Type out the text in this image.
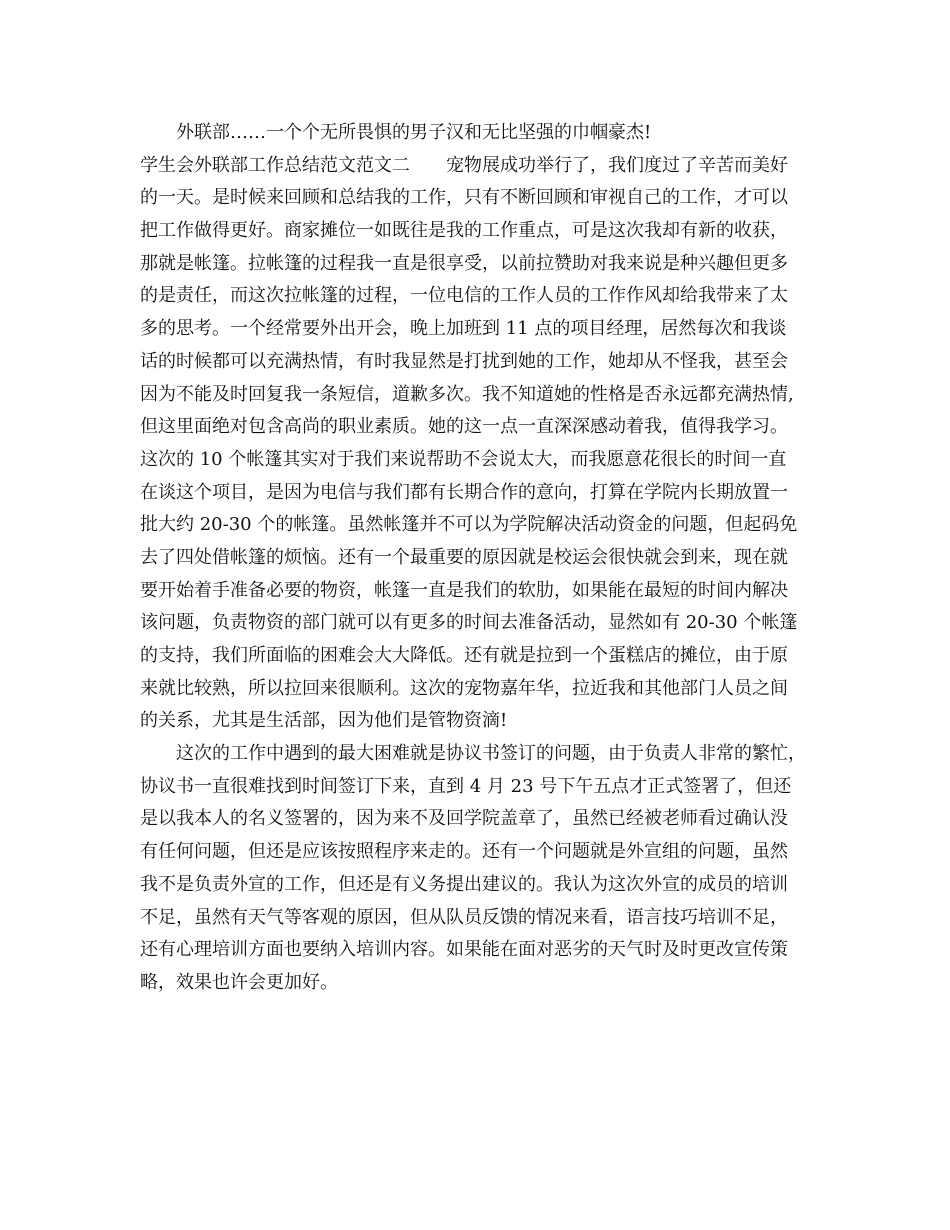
外联部……一个个无所畏惧的男子汉和无比坚强的巾帼豪杰!
学生会外联部工作总结范文范文二 宠物展成功举行了，我们度过了辛苦而美好
的一天。是时候来回顾和总结我的工作，只有不断回顾和审视自己的工作，才可以
把工作做得更好。商家摊位一如既往是我的工作重点，可是这次我却有新的收获，
那就是帐篷。拉帐篷的过程我一直是很享受，以前拉赞助对我来说是种兴趣但更多
的是责任，而这次拉帐篷的过程，一位电信的工作人员的工作作风却给我带来了太
多的思考。一个经常要外出开会，晚上加班到 11 点的项目经理，居然每次和我谈
话的时候都可以充满热情，有时我显然是打扰到她的工作，她却从不怪我，甚至会
因为不能及时回复我一条短信，道歉多次。我不知道她的性格是否永远都充满热情,
但这里面绝对包含高尚的职业素质。她的这一点一直深深感动着我，值得我学习。
这次的 10 个帐篷其实对于我们来说帮助不会说太大，而我愿意花很长的时间一直
在谈这个项目，是因为电信与我们都有长期合作的意向，打算在学院内长期放置一
批大约 20-30 个的帐篷。虽然帐篷并不可以为学院解决活动资金的问题，但起码免
去了四处借帐篷的烦恼。还有一个最重要的原因就是校运会很快就会到来，现在就
要开始着手准备必要的物资，帐篷一直是我们的软肋，如果能在最短的时间内解决
该问题，负责物资的部门就可以有更多的时间去准备活动，显然如有 20-30 个帐篷
的支持，我们所面临的困难会大大降低。还有就是拉到一个蛋糕店的摊位，由于原
来就比较熟，所以拉回来很顺利。这次的宠物嘉年华，拉近我和其他部门人员之间
的关系，尤其是生活部，因为他们是管物资滴!
这次的工作中遇到的最大困难就是协议书签订的问题，由于负责人非常的繁忙，
协议书一直很难找到时间签订下来，直到 4 月 23 号下午五点才正式签署了，但还
是以我本人的名义签署的，因为来不及回学院盖章了，虽然已经被老师看过确认没
有任何问题，但还是应该按照程序来走的。还有一个问题就是外宣组的问题，虽然
我不是负责外宣的工作，但还是有义务提出建议的。我认为这次外宣的成员的培训
不足，虽然有天气等客观的原因，但从队员反馈的情况来看，语言技巧培训不足，
还有心理培训方面也要纳入培训内容。如果能在面对恶劣的天气时及时更改宣传策
略，效果也许会更加好。
